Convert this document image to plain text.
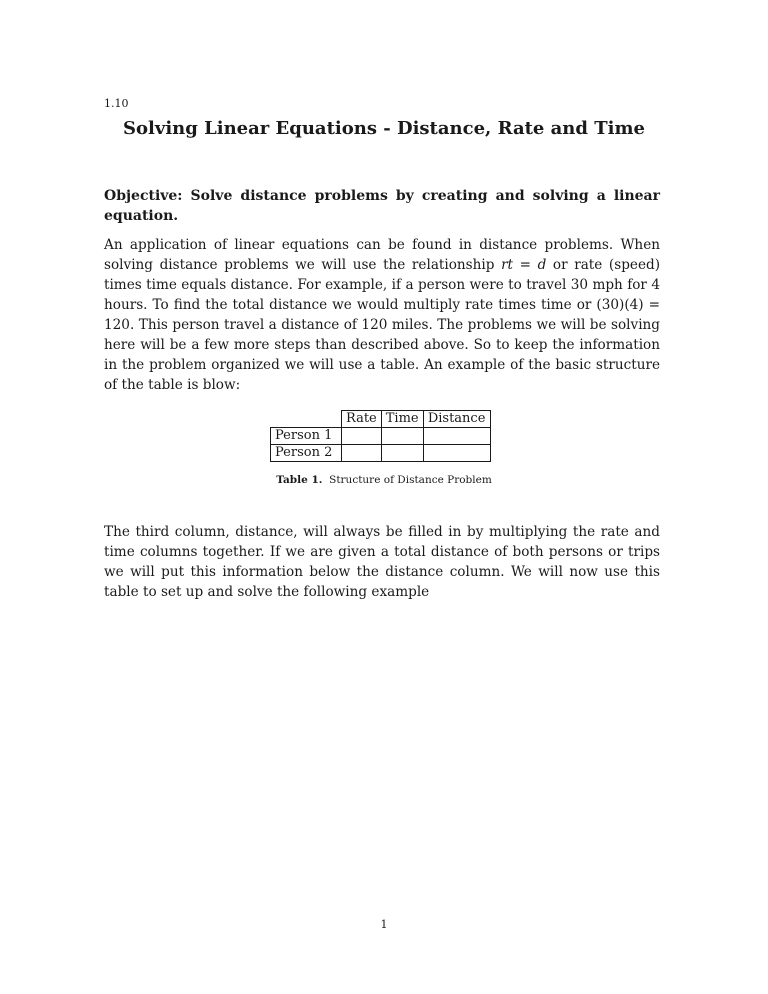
1.10
Solving Linear Equations - Distance, Rate and Time
Objective: Solve distance problems by creating and solving a linear equation.
An application of linear equations can be found in distance problems. When solving distance problems we will use the relationship rt = d or rate (speed) times time equals distance. For example, if a person were to travel 30 mph for 4 hours. To find the total distance we would multiply rate times time or (30)(4) = 120. This person travel a distance of 120 miles. The problems we will be solving here will be a few more steps than described above. So to keep the information in the problem organized we will use a table. An example of the basic structure of the table is blow:
	Rate	Time	Distance
Person 1			
Person 2			
Table 1. Structure of Distance Problem
The third column, distance, will always be filled in by multiplying the rate and time columns together. If we are given a total distance of both persons or trips we will put this information below the distance column. We will now use this table to set up and solve the following example
1
